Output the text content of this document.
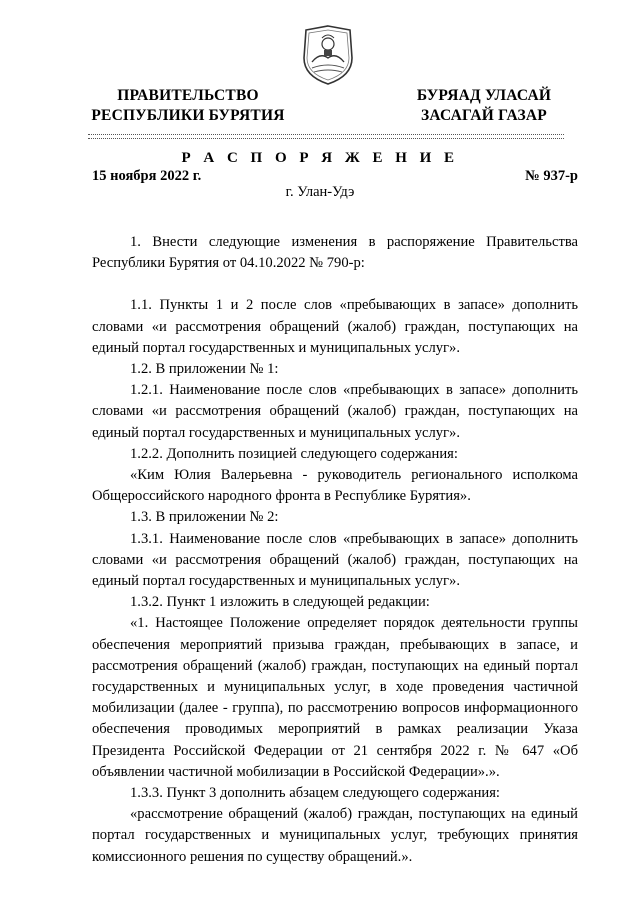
ПРАВИТЕЛЬСТВО
РЕСПУБЛИКИ БУРЯТИЯ
БУРЯАД УЛАСАЙ
ЗАСАГАЙ ГАЗАР
Р А С П О Р Я Ж Е Н И Е
15 ноября 2022 г.	№ 937-р
г. Улан-Удэ

1. Внести следующие изменения в распоряжение Правительства Республики Бурятия от 04.10.2022 № 790-р:

1.1. Пункты 1 и 2 после слов «пребывающих в запасе» дополнить словами «и рассмотрения обращений (жалоб) граждан, поступающих на единый портал государственных и муниципальных услуг».

1.2. В приложении № 1:

1.2.1. Наименование после слов «пребывающих в запасе» дополнить словами «и рассмотрения обращений (жалоб) граждан, поступающих на единый портал государственных и муниципальных услуг».

1.2.2. Дополнить позицией следующего содержания:

«Ким Юлия Валерьевна - руководитель регионального исполкома Общероссийского народного фронта в Республике Бурятия».

1.3. В приложении № 2:

1.3.1. Наименование после слов «пребывающих в запасе» дополнить словами «и рассмотрения обращений (жалоб) граждан, поступающих на единый портал государственных и муниципальных услуг».

1.3.2. Пункт 1 изложить в следующей редакции:

«1. Настоящее Положение определяет порядок деятельности группы обеспечения мероприятий призыва граждан, пребывающих в запасе, и рассмотрения обращений (жалоб) граждан, поступающих на единый портал государственных и муниципальных услуг, в ходе проведения частичной мобилизации (далее - группа), по рассмотрению вопросов информационного обеспечения проводимых мероприятий в рамках реализации Указа Президента Российской Федерации от 21 сентября 2022 г. № 647 «Об объявлении частичной мобилизации в Российской Федерации».».

1.3.3. Пункт 3 дополнить абзацем следующего содержания:

«рассмотрение обращений (жалоб) граждан, поступающих на единый портал государственных и муниципальных услуг, требующих принятия комиссионного решения по существу обращений.».
